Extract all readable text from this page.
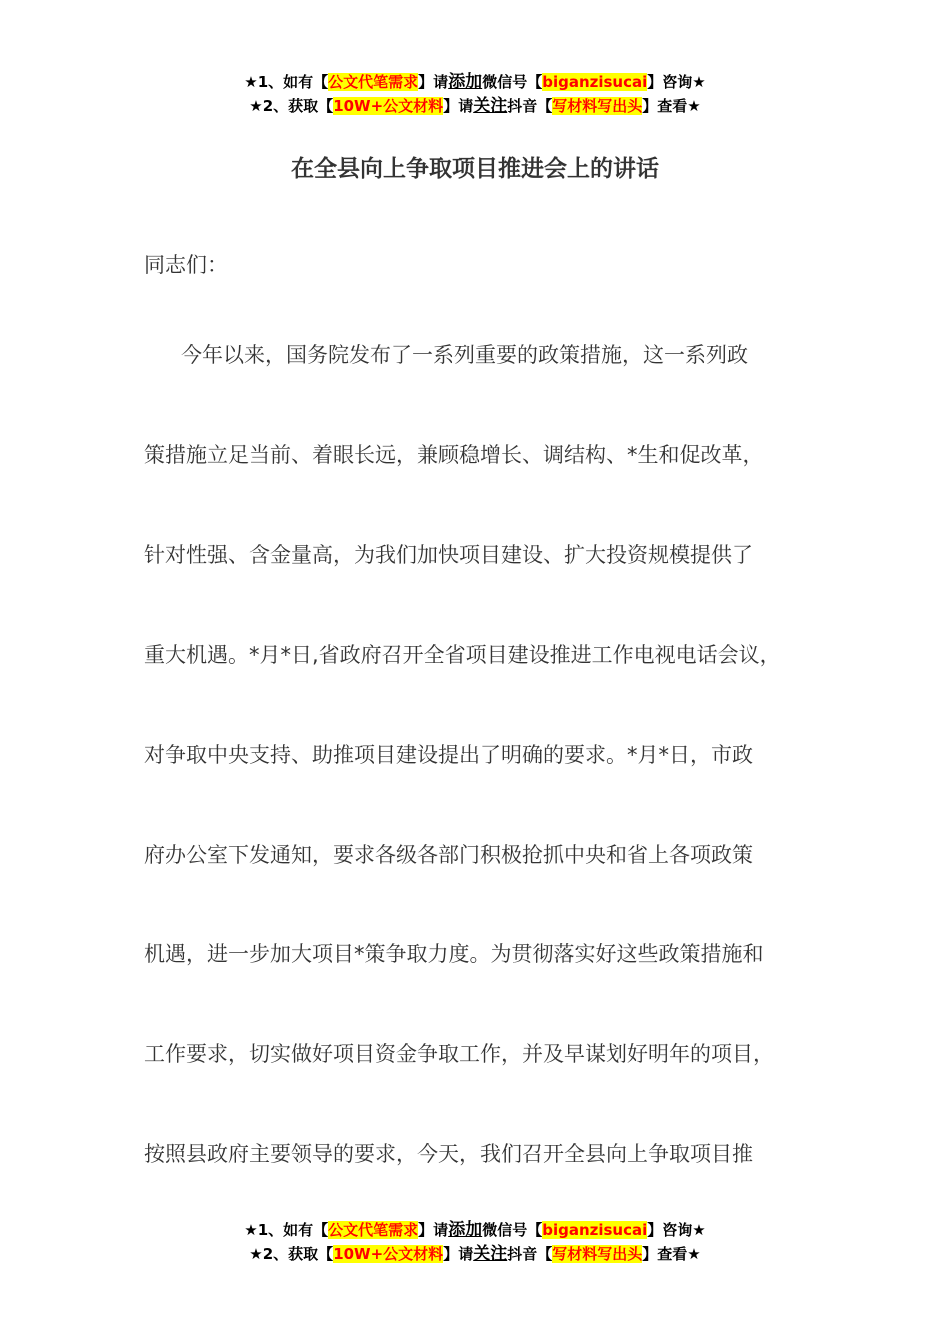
★1、如有【公文代笔需求】请添加微信号【biganzisucai】咨询★
★2、获取【10W+公文材料】请关注抖音【写材料写出头】查看★
在全县向上争取项目推进会上的讲话
同志们：
今年以来，国务院发布了一系列重要的政策措施，这一系列政
策措施立足当前、着眼长远，兼顾稳增长、调结构、*生和促改革，
针对性强、含金量高，为我们加快项目建设、扩大投资规模提供了
重大机遇。*月*日,省政府召开全省项目建设推进工作电视电话会议，
对争取中央支持、助推项目建设提出了明确的要求。*月*日，市政
府办公室下发通知，要求各级各部门积极抢抓中央和省上各项政策
机遇，进一步加大项目*策争取力度。为贯彻落实好这些政策措施和
工作要求，切实做好项目资金争取工作，并及早谋划好明年的项目，
按照县政府主要领导的要求，今天，我们召开全县向上争取项目推
★1、如有【公文代笔需求】请添加微信号【biganzisucai】咨询★
★2、获取【10W+公文材料】请关注抖音【写材料写出头】查看★
